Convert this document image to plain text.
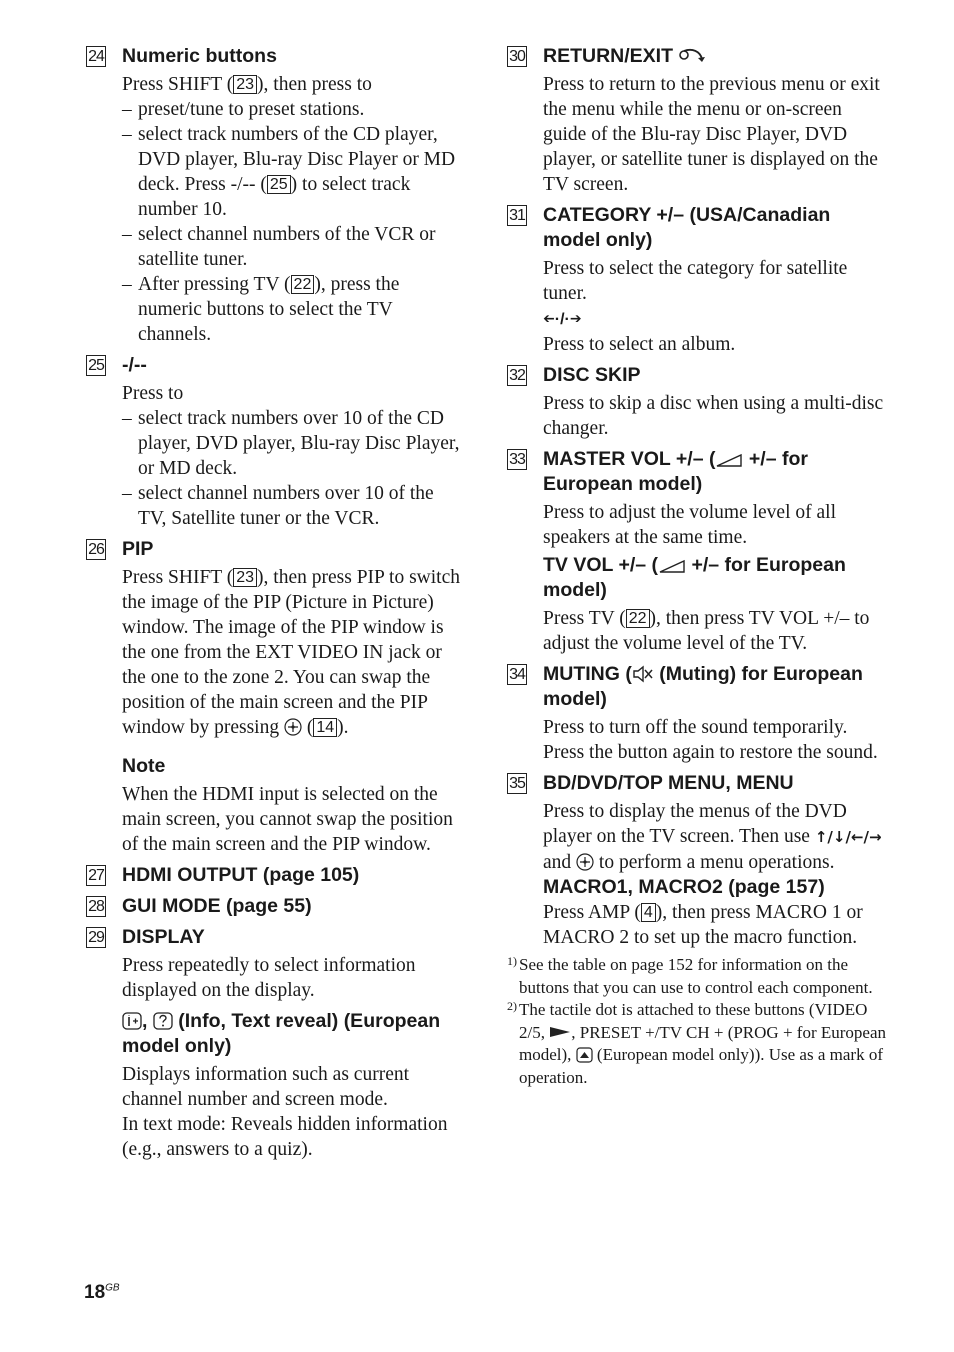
24 Numeric buttons

Press SHIFT ( 23 ), then press to

– preset/tune to preset stations.
– select track numbers of the CD player, DVD player, Blu-ray Disc Player or MD deck. Press -/-- ( 25 ) to select track number 10.
– select channel numbers of the VCR or satellite tuner.
– After pressing TV ( 22 ), press the numeric buttons to select the TV channels.
25 -/--

Press to

– select track numbers over 10 of the CD player, DVD player, Blu-ray Disc Player, or MD deck.
– select channel numbers over 10 of the TV, Satellite tuner or the VCR.
26 PIP

Press SHIFT ( 23 ), then press PIP to switch the image of the PIP (Picture in Picture) window. The image of the PIP window is the one from the EXT VIDEO IN jack or the one to the zone 2. You can swap the position of the main screen and the PIP window by pressing  ( 14 ).

Note

When the HDMI input is selected on the main screen, you cannot swap the position of the main screen and the PIP window.

27 HDMI OUTPUT (page 105)
28 GUI MODE (page 55)
29 DISPLAY

Press repeatedly to select information displayed on the display.

, (Info, Text reveal) (European model only)

Displays information such as current channel number and screen mode.

In text mode: Reveals hidden information (e.g., answers to a quiz).

30 RETURN/EXIT

Press to return to the previous menu or exit the menu while the menu or on-screen guide of the Blu-ray Disc Player, DVD player, or satellite tuner is displayed on the TV screen.

31 CATEGORY +/– (USA/Canadian model only)

Press to select the category for satellite tuner.

➔·/·➔

Press to select an album.

32 DISC SKIP

Press to skip a disc when using a multi-disc changer.

33 MASTER VOL +/– ( +/– for European model)

Press to adjust the volume level of all speakers at the same time.

TV VOL +/– ( +/– for European model)

Press TV ( 22 ), then press TV VOL +/– to adjust the volume level of the TV.

34 MUTING ( (Muting) for European model)

Press to turn off the sound temporarily. Press the button again to restore the sound.

35 BD/DVD/TOP MENU, MENU

Press to display the menus of the DVD player on the TV screen. Then use ↑/↓/←/→ and  to perform a menu operations.

MACRO1, MACRO2 (page 157)

Press AMP ( 4 ), then press MACRO 1 or MACRO 2 to set up the macro function.

1) See the table on page 152 for information on the buttons that you can use to control each component.

2) The tactile dot is attached to these buttons (VIDEO 2/5, , PRESET +/TV CH + (PROG + for European model),  (European model only)). Use as a mark of operation.

$18^{GB}$
